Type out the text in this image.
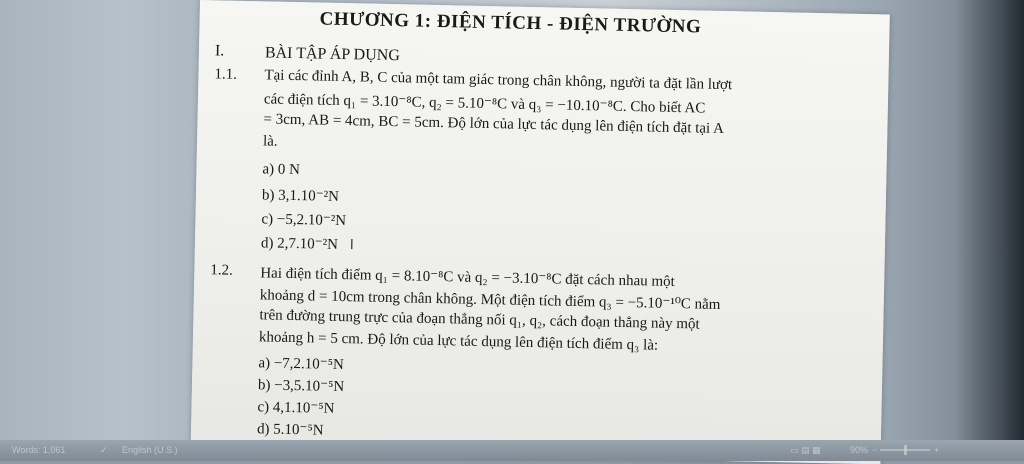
CHƯƠNG 1: ĐIỆN TÍCH - ĐIỆN TRƯỜNG
I.	BÀI TẬP ÁP DỤNG
1.1. Tại các đỉnh A, B, C của một tam giác trong chân không, người ta đặt lần lượt
các điện tích q₁ = 3.10⁻⁸C, q₂ = 5.10⁻⁸C và q₃ = −10.10⁻⁸C. Cho biết AC
= 3cm, AB = 4cm, BC = 5cm. Độ lớn của lực tác dụng lên điện tích đặt tại A
là.
a) 0 N
b) 3,1.10⁻²N
c) −5,2.10⁻²N
d) 2,7.10⁻²N I
1.2. Hai điện tích điểm q₁ = 8.10⁻⁸C và q₂ = −3.10⁻⁸C đặt cách nhau một
khoảng d = 10cm trong chân không. Một điện tích điểm q₃ = −5.10⁻¹⁰C nằm
trên đường trung trực của đoạn thẳng nối q₁, q₂, cách đoạn thẳng này một
khoảng h = 5 cm. Độ lớn của lực tác dụng lên điện tích điểm q₃ là:
a) −7,2.10⁻⁵N
b) −3,5.10⁻⁵N
c) 4,1.10⁻⁵N
d) 5.10⁻⁵N
Words: 1,061	✓ English (U.S.)	▭ ▤ ▦	90% −	+
